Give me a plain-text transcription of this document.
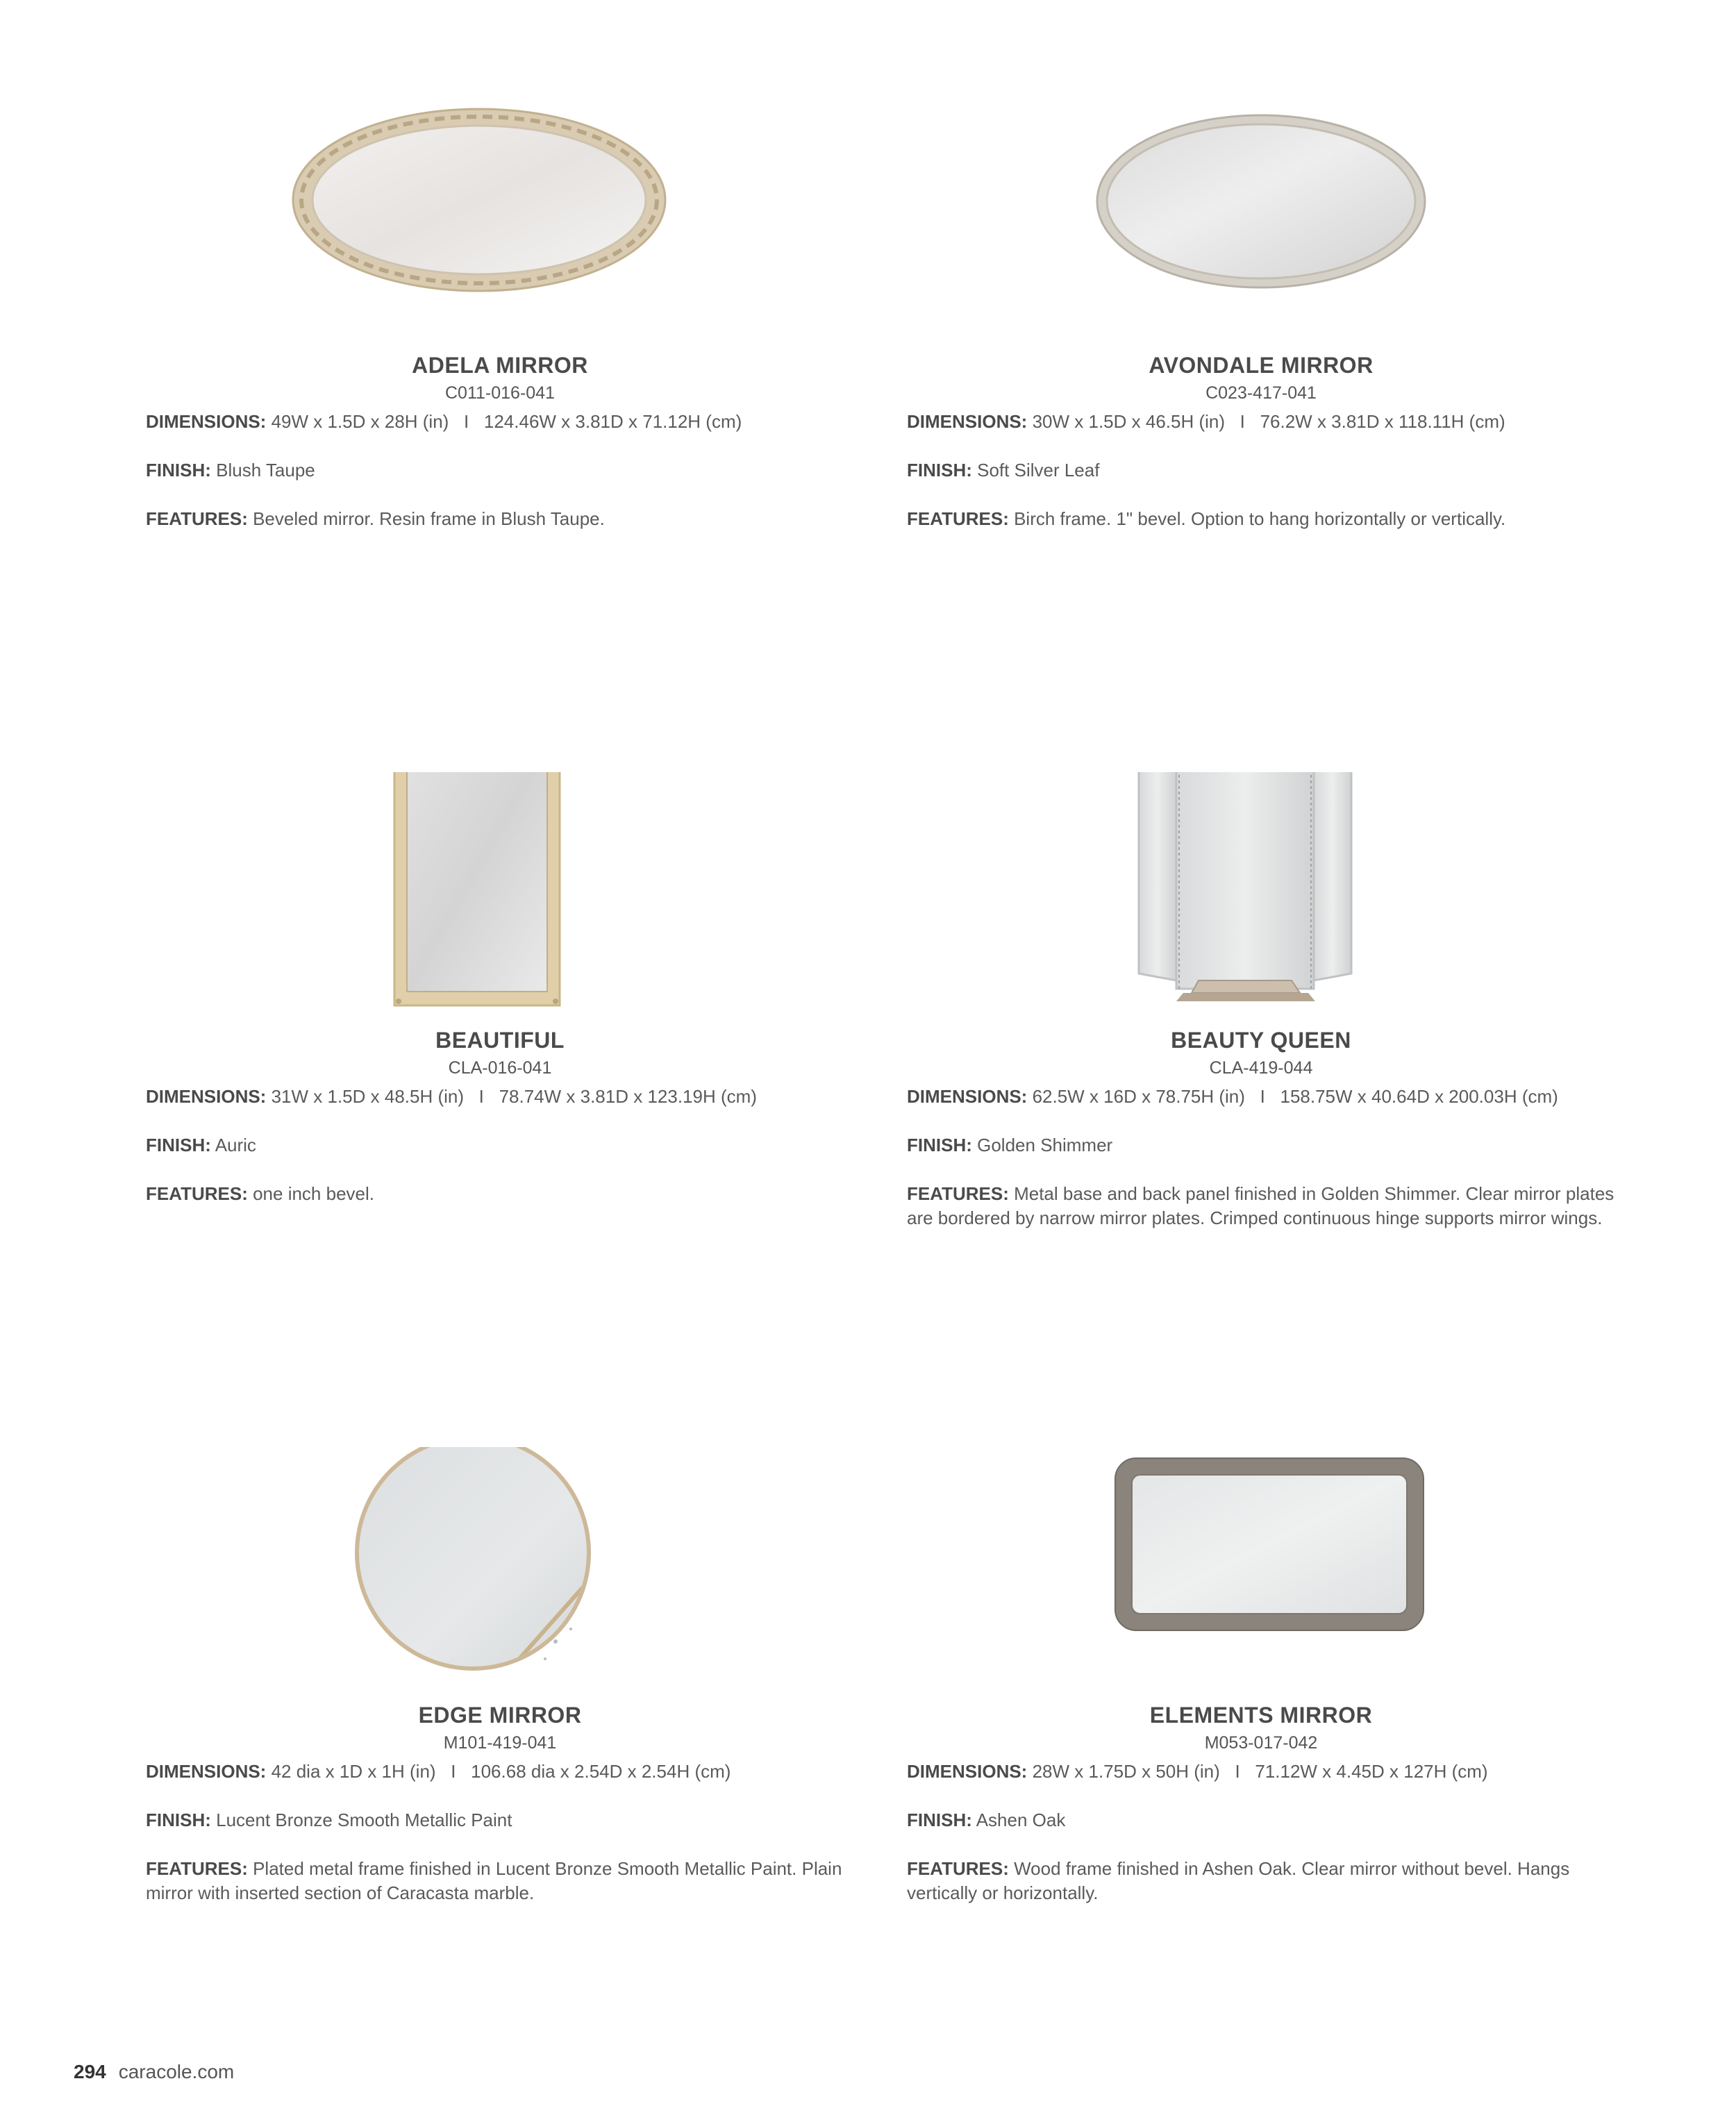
ADELA MIRROR
C011-016-041
DIMENSIONS: 49W x 1.5D x 28H (in)   I   124.46W x 3.81D x 71.12H (cm)
FINISH: Blush Taupe
FEATURES: Beveled mirror. Resin frame in Blush Taupe.
AVONDALE MIRROR
C023-417-041
DIMENSIONS: 30W x 1.5D x 46.5H (in)   I   76.2W x 3.81D x 118.11H (cm)
FINISH: Soft Silver Leaf
FEATURES: Birch frame. 1" bevel. Option to hang horizontally or vertically.
BEAUTIFUL
CLA-016-041
DIMENSIONS: 31W x 1.5D x 48.5H (in)   I   78.74W x 3.81D x 123.19H (cm)
FINISH: Auric
FEATURES: one inch bevel.
BEAUTY QUEEN
CLA-419-044
DIMENSIONS: 62.5W x 16D x 78.75H (in)   I   158.75W x 40.64D x 200.03H (cm)
FINISH: Golden Shimmer
FEATURES: Metal base and back panel finished in Golden Shimmer. Clear mirror plates are bordered by narrow mirror plates. Crimped continuous hinge supports mirror wings.
EDGE MIRROR
M101-419-041
DIMENSIONS: 42 dia x 1D x 1H (in)   I   106.68 dia x 2.54D x 2.54H (cm)
FINISH: Lucent Bronze Smooth Metallic Paint
FEATURES: Plated metal frame finished in Lucent Bronze Smooth Metallic Paint. Plain mirror with inserted section of Caracasta marble.
ELEMENTS MIRROR
M053-017-042
DIMENSIONS: 28W x 1.75D x 50H (in)   I   71.12W x 4.45D x 127H (cm)
FINISH: Ashen Oak
FEATURES: Wood frame finished in Ashen Oak. Clear mirror without bevel. Hangs vertically or horizontally.
294 caracole.com
